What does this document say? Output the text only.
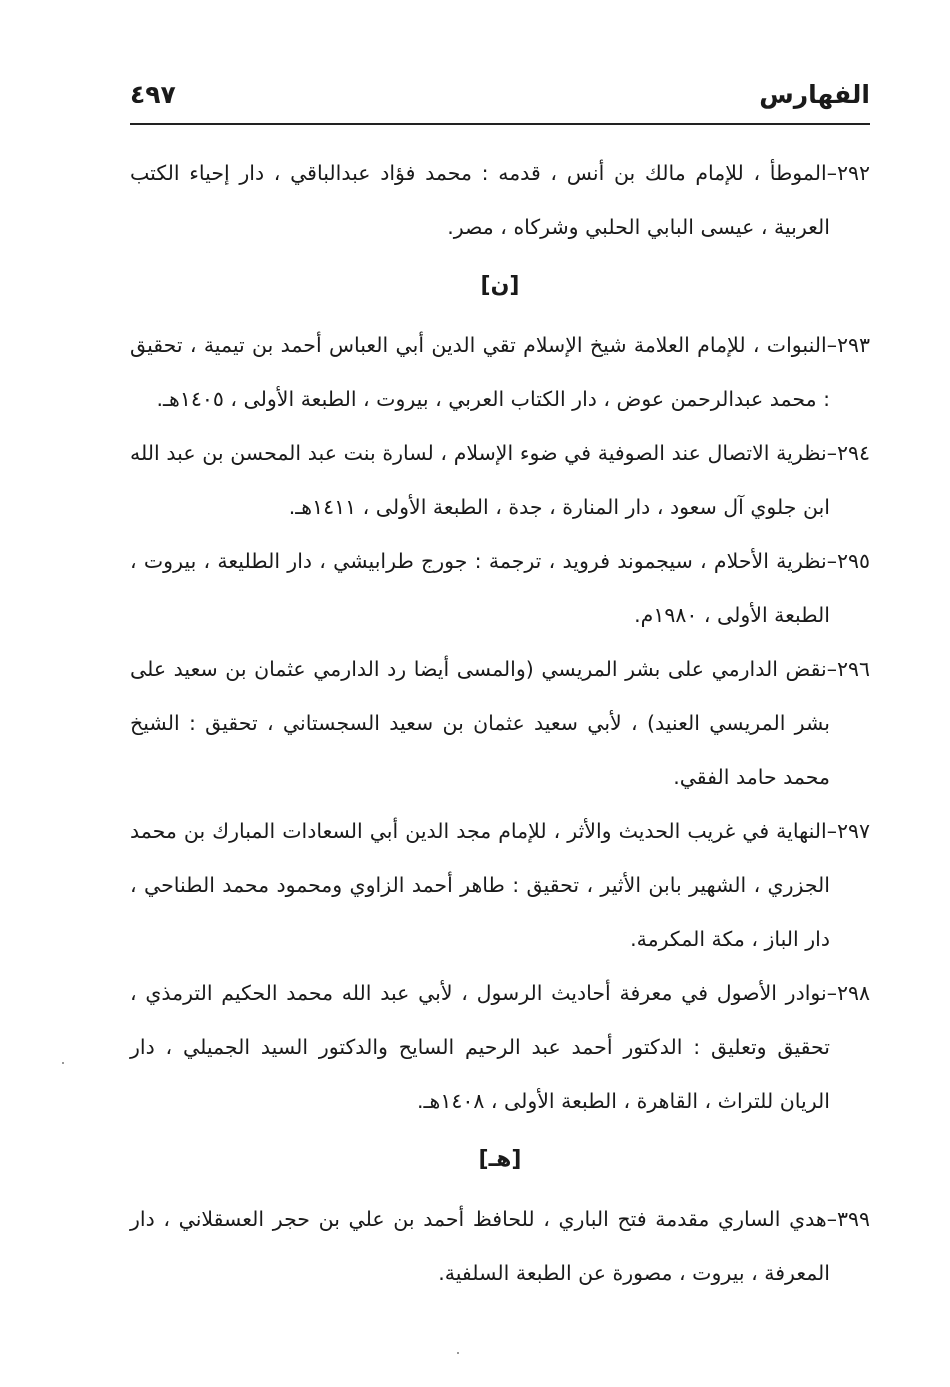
الفهارس
٤٩٧

٢٩٢–الموطأ ، للإمام مالك بن أنس ، قدمه : محمد فؤاد عبدالباقي ، دار إحياء الكتب العربية ، عيسى البابي الحلبي وشركاه ، مصر.

[ن]

٢٩٣–النبوات ، للإمام العلامة شيخ الإسلام تقي الدين أبي العباس أحمد بن تيمية ، تحقيق : محمد عبدالرحمن عوض ، دار الكتاب العربي ، بيروت ، الطبعة الأولى ، ١٤٠٥هـ.

٢٩٤–نظرية الاتصال عند الصوفية في ضوء الإسلام ، لسارة بنت عبد المحسن بن عبد الله ابن جلوي آل سعود ، دار المنارة ، جدة ، الطبعة الأولى ، ١٤١١هـ.

٢٩٥–نظرية الأحلام ، سيجموند فرويد ، ترجمة : جورج طرابيشي ، دار الطليعة ، بيروت ، الطبعة الأولى ، ١٩٨٠م.

٢٩٦–نقض الدارمي على بشر المريسي (والمسى أيضا رد الدارمي عثمان بن سعيد على بشر المريسي العنيد) ، لأبي سعيد عثمان بن سعيد السجستاني ، تحقيق : الشيخ محمد حامد الفقي.

٢٩٧–النهاية في غريب الحديث والأثر ، للإمام مجد الدين أبي السعادات المبارك بن محمد الجزري ، الشهير بابن الأثير ، تحقيق : طاهر أحمد الزاوي ومحمود محمد الطناحي ، دار الباز ، مكة المكرمة.

٢٩٨–نوادر الأصول في معرفة أحاديث الرسول ، لأبي عبد الله محمد الحكيم الترمذي ، تحقيق وتعليق : الدكتور أحمد عبد الرحيم السايح والدكتور السيد الجميلي ، دار الريان للتراث ، القاهرة ، الطبعة الأولى ، ١٤٠٨هـ.

[هـ]

٣٩٩–هدي الساري مقدمة فتح الباري ، للحافظ أحمد بن علي بن حجر العسقلاني ، دار المعرفة ، بيروت ، مصورة عن الطبعة السلفية.
